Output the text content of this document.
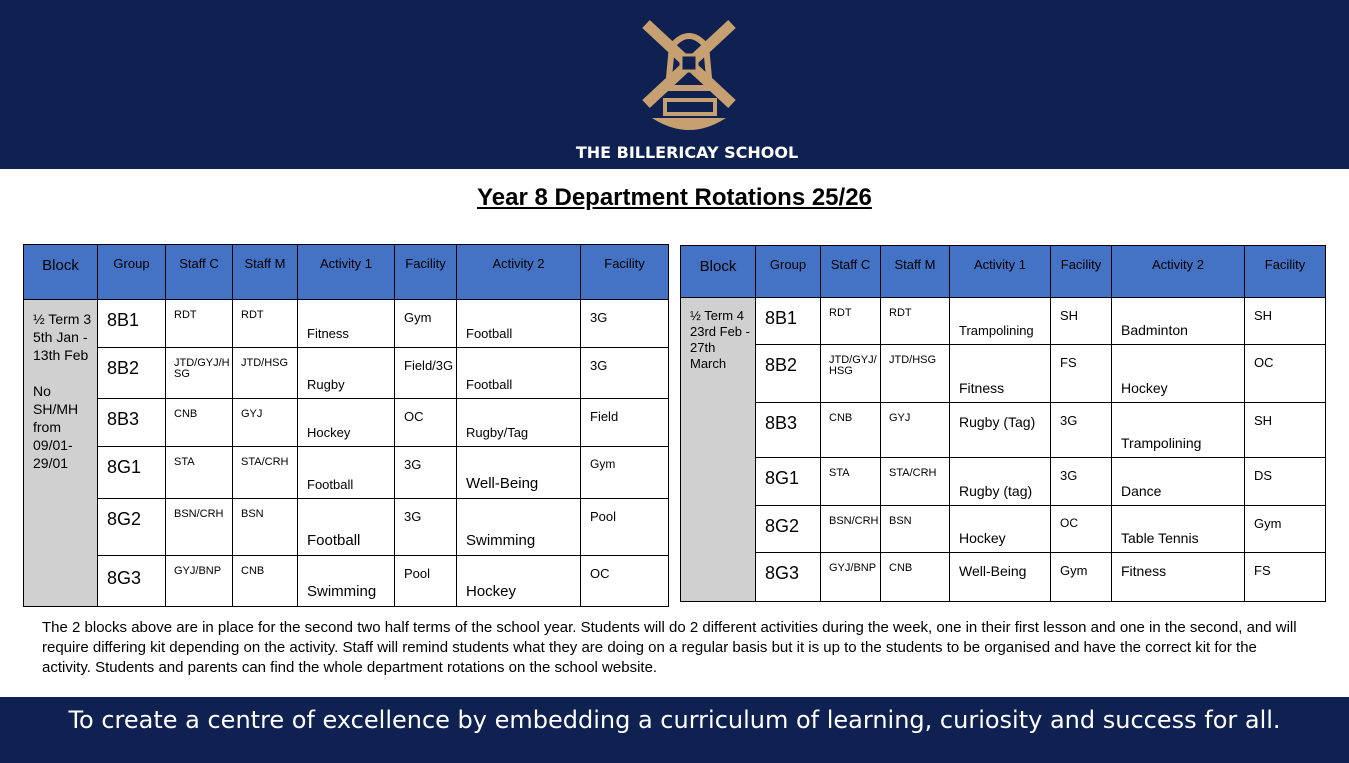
THE BILLERICAY SCHOOL
Year 8 Department Rotations 25/26
Block	Group	Staff C	Staff M	Activity 1	Facility	Activity 2	Facility

½ Term 3
5th Jan - 13th Feb

No SH/MH from 09/01-29/01	8B1	RDT	RDT	Fitness	Gym	Football	3G
	8B2	JTD/GYJ/HSG	JTD/HSG	Rugby	Field/3G	Football	3G
	8B3	CNB	GYJ	Hockey	OC	Rugby/Tag	Field
	8G1	STA	STA/CRH	Football	3G	Well-Being	Gym
	8G2	BSN/CRH	BSN	Football	3G	Swimming	Pool
	8G3	GYJ/BNP	CNB	Swimming	Pool	Hockey	OC
Block	Group	Staff C	Staff M	Activity 1	Facility	Activity 2	Facility

½ Term 4
23rd Feb - 27th March	8B1	RDT	RDT	Trampolining	SH	Badminton	SH
	8B2	JTD/GYJ/HSG	JTD/HSG	Fitness	FS	Hockey	OC
	8B3	CNB	GYJ	Rugby (Tag)	3G	Trampolining	SH
	8G1	STA	STA/CRH	Rugby (tag)	3G	Dance	DS
	8G2	BSN/CRH	BSN	Hockey	OC	Table Tennis	Gym
	8G3	GYJ/BNP	CNB	Well-Being	Gym	Fitness	FS
The 2 blocks above are in place for the second two half terms of the school year. Students will do 2 different activities during the week, one in their first lesson and one in the second, and will require differing kit depending on the activity. Staff will remind students what they are doing on a regular basis but it is up to the students to be organised and have the correct kit for the activity. Students and parents can find the whole department rotations on the school website.
To create a centre of excellence by embedding a curriculum of learning, curiosity and success for all.
